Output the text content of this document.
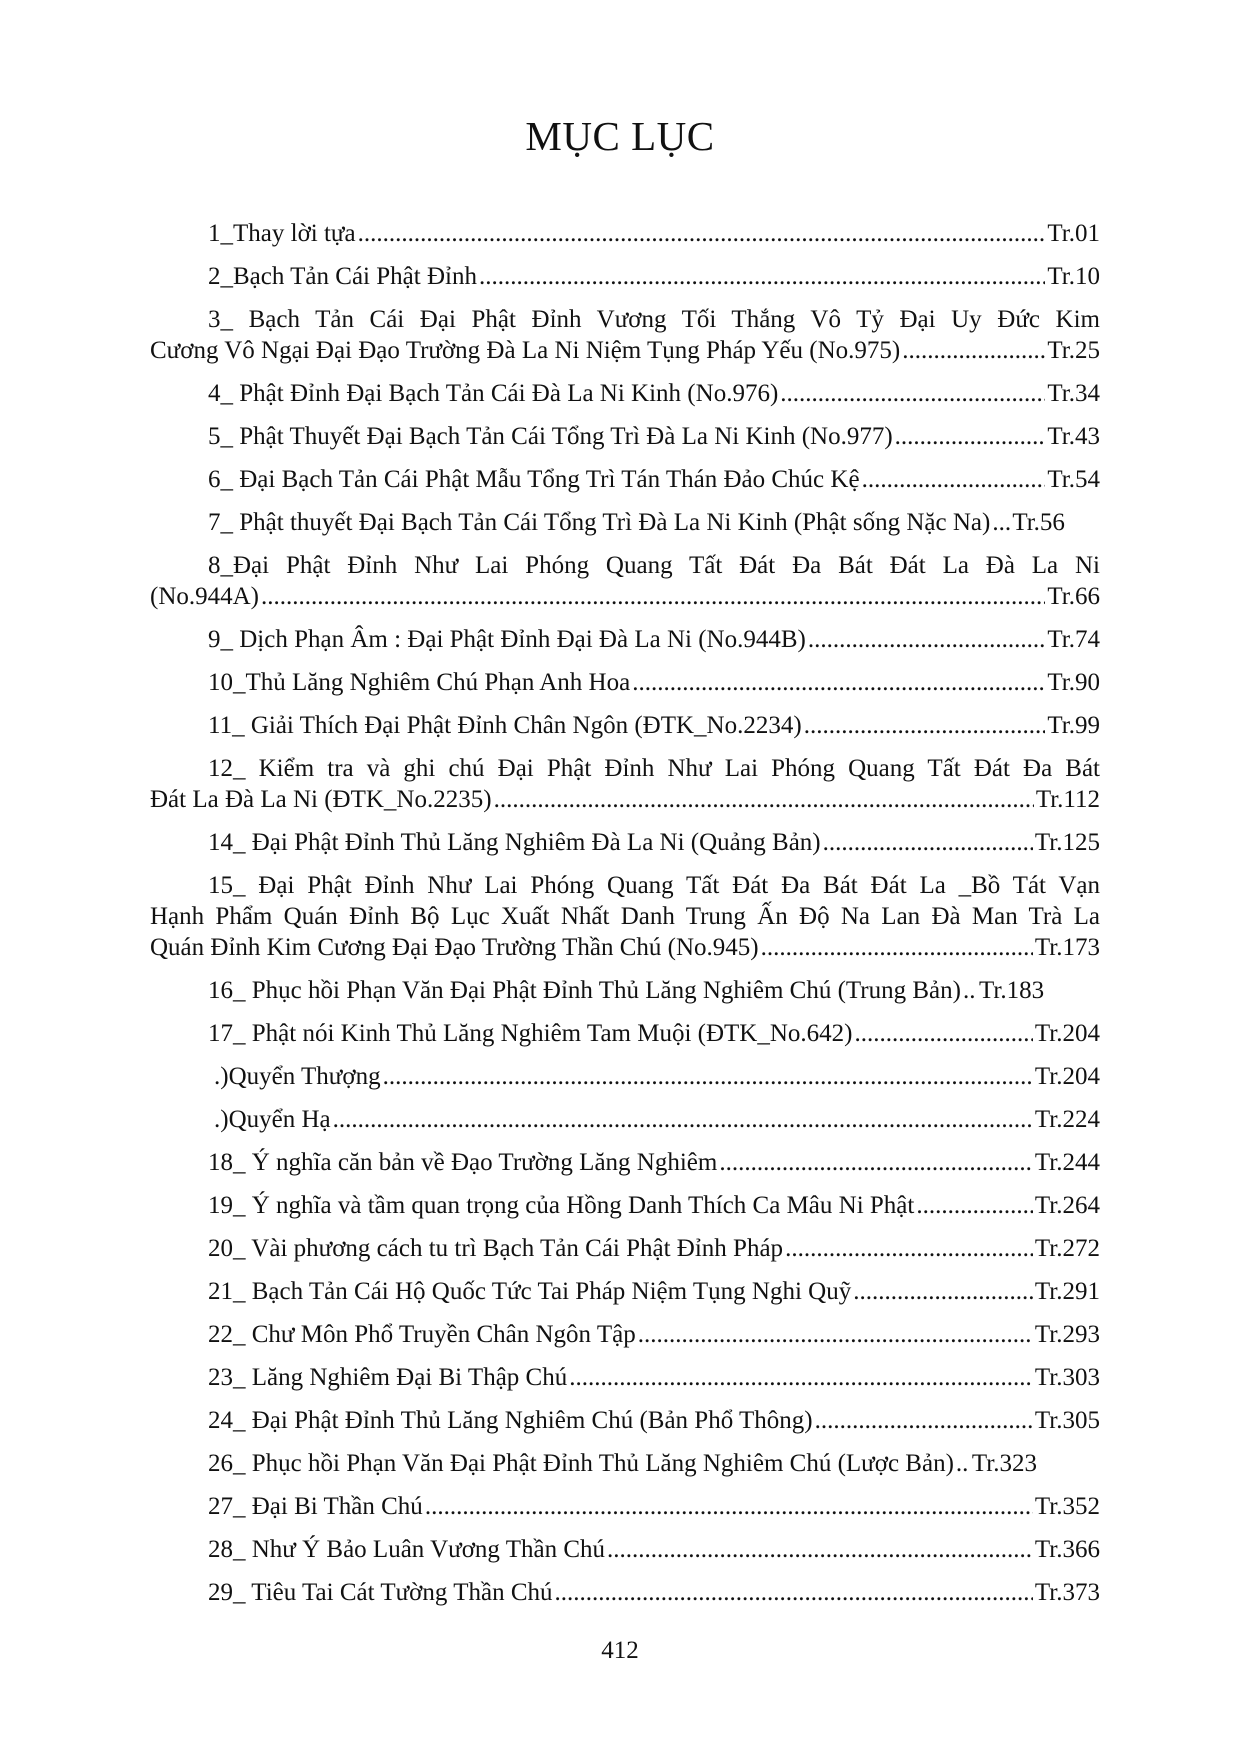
MỤC LỤC
1_Thay lời tựa .....	Tr.01
2_Bạch Tản Cái Phật Đỉnh .....	Tr.10
3_ Bạch Tản Cái Đại Phật Đỉnh Vương Tối Thắng Vô Tỷ Đại Uy Đức Kim
Cương Vô Ngại Đại Đạo Trường Đà La Ni Niệm Tụng Pháp Yếu (No.975) .....	Tr.25
4_ Phật Đỉnh Đại Bạch Tản Cái Đà La Ni Kinh (No.976) .....	Tr.34
5_ Phật Thuyết Đại Bạch Tản Cái Tổng Trì Đà La Ni Kinh (No.977) .....	Tr.43
6_ Đại Bạch Tản Cái Phật Mẫu Tổng Trì Tán Thán Đảo Chúc Kệ .....	Tr.54
7_ Phật thuyết Đại Bạch Tản Cái Tổng Trì Đà La Ni Kinh (Phật sống Nặc Na) ..... Tr.56
8_Đại Phật Đỉnh Như Lai Phóng Quang Tất Đát Đa Bát Đát La Đà La Ni
(No.944A) .....	Tr.66
9_ Dịch Phạn Âm : Đại Phật Đỉnh Đại Đà La Ni (No.944B) .....	Tr.74
10_Thủ Lăng Nghiêm Chú Phạn Anh Hoa .....	Tr.90
11_ Giải Thích Đại Phật Đỉnh Chân Ngôn (ĐTK_No.2234) .....	Tr.99
12_ Kiểm tra và ghi chú Đại Phật Đỉnh Như Lai Phóng Quang Tất Đát Đa Bát
Đát La Đà La Ni (ĐTK_No.2235) .....	Tr.112
14_ Đại Phật Đỉnh Thủ Lăng Nghiêm Đà La Ni (Quảng Bản) .....	Tr.125
15_ Đại Phật Đỉnh Như Lai Phóng Quang Tất Đát Đa Bát Đát La _Bồ Tát Vạn
Hạnh Phẩm Quán Đỉnh Bộ Lục Xuất Nhất Danh Trung Ấn Độ Na Lan Đà Man Trà La
Quán Đỉnh Kim Cương Đại Đạo Trường Thần Chú (No.945) .....	Tr.173
16_ Phục hồi Phạn Văn Đại Phật Đỉnh Thủ Lăng Nghiêm Chú (Trung Bản) ..... Tr.183
17_ Phật nói Kinh Thủ Lăng Nghiêm Tam Muội (ĐTK_No.642) .....	Tr.204
.)Quyển Thượng .....	Tr.204
.)Quyển Hạ .....	Tr.224
18_ Ý nghĩa căn bản về Đạo Trường Lăng Nghiêm .....	Tr.244
19_ Ý nghĩa và tầm quan trọng của Hồng Danh Thích Ca Mâu Ni Phật .....	Tr.264
20_ Vài phương cách tu trì Bạch Tản Cái Phật Đỉnh Pháp .....	Tr.272
21_ Bạch Tản Cái Hộ Quốc Tức Tai Pháp Niệm Tụng Nghi Quỹ .....	Tr.291
22_ Chư Môn Phổ Truyền Chân Ngôn Tập .....	Tr.293
23_ Lăng Nghiêm Đại Bi Thập Chú .....	Tr.303
24_ Đại Phật Đỉnh Thủ Lăng Nghiêm Chú (Bản Phổ Thông) .....	Tr.305
26_ Phục hồi Phạn Văn Đại Phật Đỉnh Thủ Lăng Nghiêm Chú (Lược Bản) ..... Tr.323
27_ Đại Bi Thần Chú .....	Tr.352
28_ Như Ý Bảo Luân Vương Thần Chú .....	Tr.366
29_ Tiêu Tai Cát Tường Thần Chú .....	Tr.373
412
